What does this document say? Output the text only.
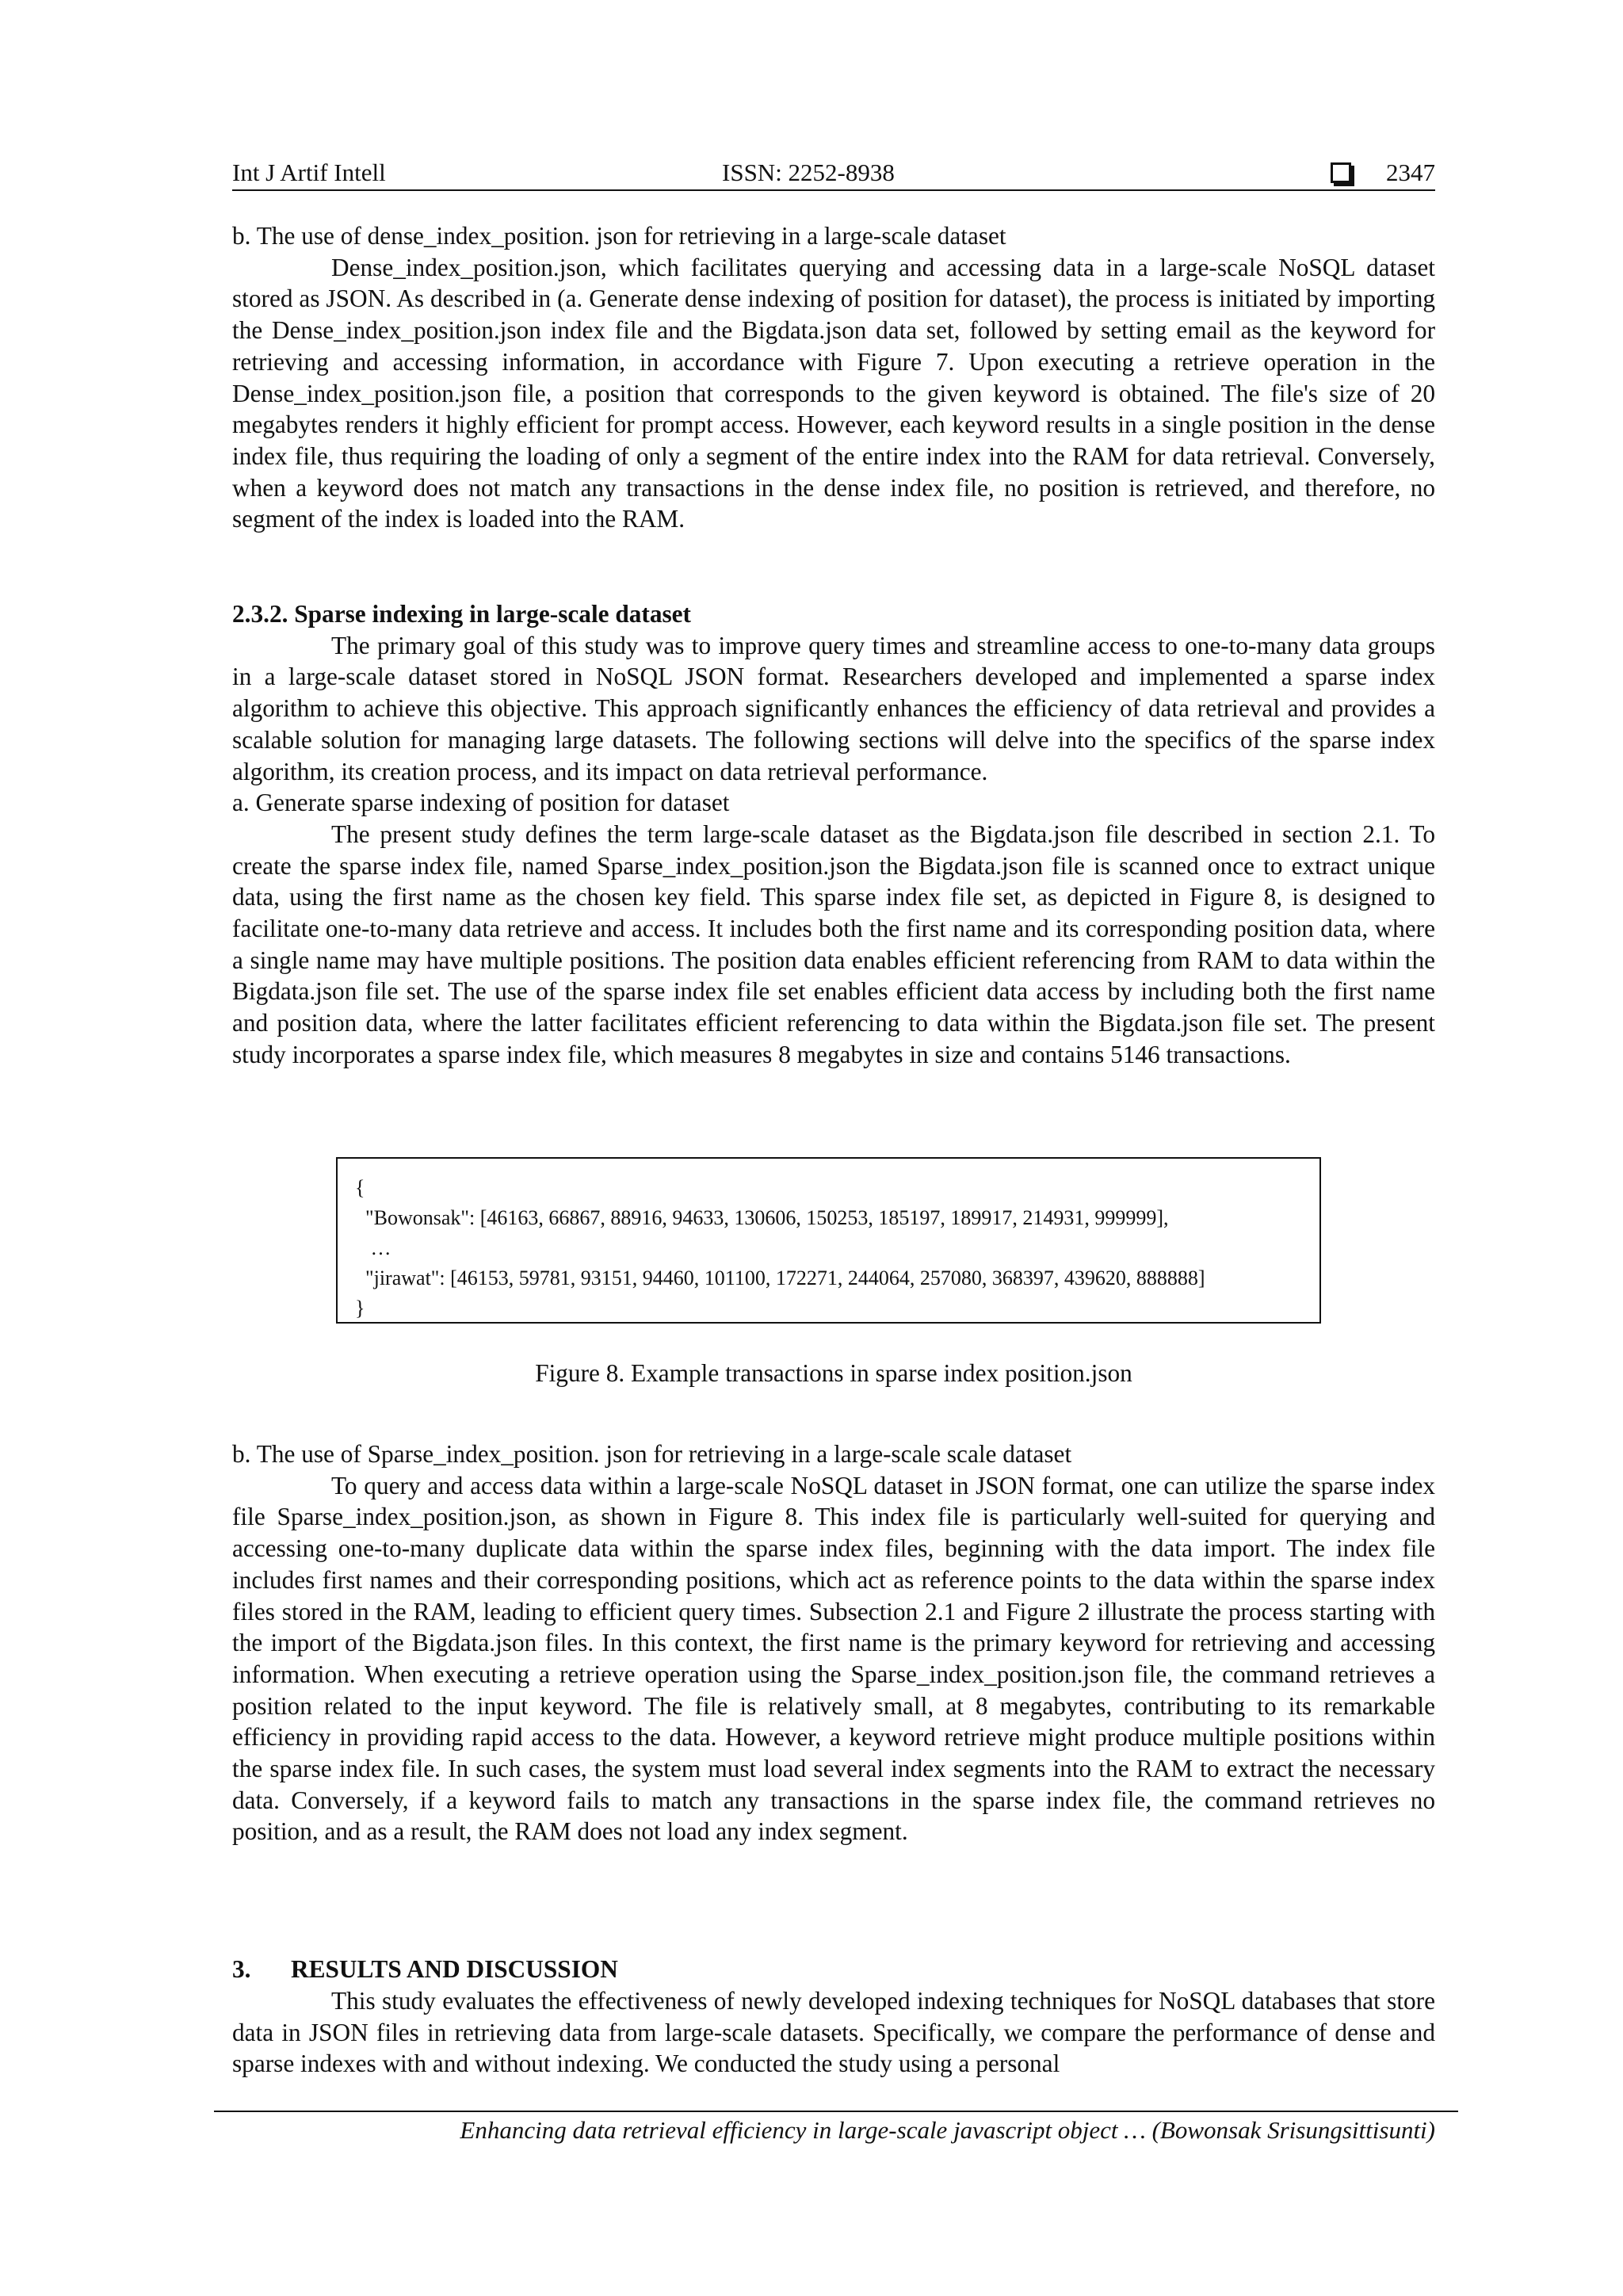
Int J Artif Intell	ISSN: 2252-8938	2347

b. The use of dense_index_position. json for retrieving in a large-scale dataset

Dense_index_position.json, which facilitates querying and accessing data in a large-scale NoSQL dataset stored as JSON. As described in (a. Generate dense indexing of position for dataset), the process is initiated by importing the Dense_index_position.json index file and the Bigdata.json data set, followed by setting email as the keyword for retrieving and accessing information, in accordance with Figure 7. Upon executing a retrieve operation in the Dense_index_position.json file, a position that corresponds to the given keyword is obtained. The file's size of 20 megabytes renders it highly efficient for prompt access. However, each keyword results in a single position in the dense index file, thus requiring the loading of only a segment of the entire index into the RAM for data retrieval. Conversely, when a keyword does not match any transactions in the dense index file, no position is retrieved, and therefore, no segment of the index is loaded into the RAM.

2.3.2. Sparse indexing in large-scale dataset

The primary goal of this study was to improve query times and streamline access to one-to-many data groups in a large-scale dataset stored in NoSQL JSON format. Researchers developed and implemented a sparse index algorithm to achieve this objective. This approach significantly enhances the efficiency of data retrieval and provides a scalable solution for managing large datasets. The following sections will delve into the specifics of the sparse index algorithm, its creation process, and its impact on data retrieval performance.

a. Generate sparse indexing of position for dataset

The present study defines the term large-scale dataset as the Bigdata.json file described in section 2.1. To create the sparse index file, named Sparse_index_position.json the Bigdata.json file is scanned once to extract unique data, using the first name as the chosen key field. This sparse index file set, as depicted in Figure 8, is designed to facilitate one-to-many data retrieve and access. It includes both the first name and its corresponding position data, where a single name may have multiple positions. The position data enables efficient referencing from RAM to data within the Bigdata.json file set. The use of the sparse index file set enables efficient data access by including both the first name and position data, where the latter facilitates efficient referencing to data within the Bigdata.json file set. The present study incorporates a sparse index file, which measures 8 megabytes in size and contains 5146 transactions.

{
"Bowonsak": [46163, 66867, 88916, 94633, 130606, 150253, 185197, 189917, 214931, 999999],
…
"jirawat": [46153, 59781, 93151, 94460, 101100, 172271, 244064, 257080, 368397, 439620, 888888]
}
Figure 8. Example transactions in sparse index position.json

b. The use of Sparse_index_position. json for retrieving in a large-scale scale dataset

To query and access data within a large-scale NoSQL dataset in JSON format, one can utilize the sparse index file Sparse_index_position.json, as shown in Figure 8. This index file is particularly well-suited for querying and accessing one-to-many duplicate data within the sparse index files, beginning with the data import. The index file includes first names and their corresponding positions, which act as reference points to the data within the sparse index files stored in the RAM, leading to efficient query times. Subsection 2.1 and Figure 2 illustrate the process starting with the import of the Bigdata.json files. In this context, the first name is the primary keyword for retrieving and accessing information. When executing a retrieve operation using the Sparse_index_position.json file, the command retrieves a position related to the input keyword. The file is relatively small, at 8 megabytes, contributing to its remarkable efficiency in providing rapid access to the data. However, a keyword retrieve might produce multiple positions within the sparse index file. In such cases, the system must load several index segments into the RAM to extract the necessary data. Conversely, if a keyword fails to match any transactions in the sparse index file, the command retrieves no position, and as a result, the RAM does not load any index segment.

3. RESULTS AND DISCUSSION

This study evaluates the effectiveness of newly developed indexing techniques for NoSQL databases that store data in JSON files in retrieving data from large-scale datasets. Specifically, we compare the performance of dense and sparse indexes with and without indexing. We conducted the study using a personal

Enhancing data retrieval efficiency in large-scale javascript object … (Bowonsak Srisungsittisunti)
